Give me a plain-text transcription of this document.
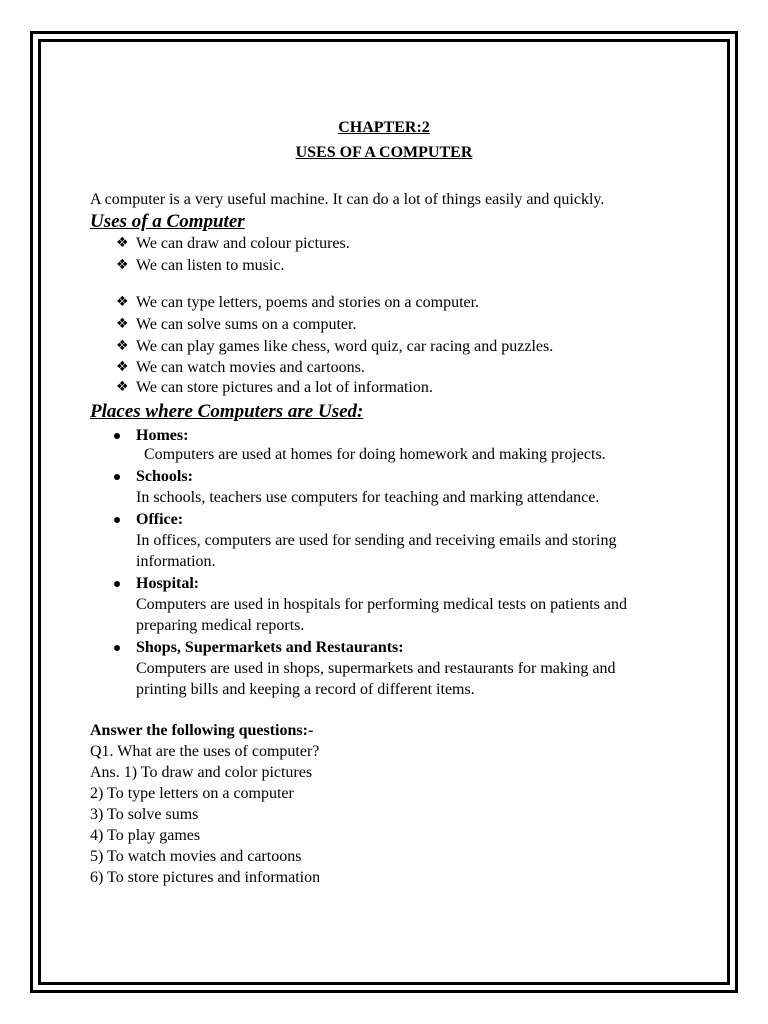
CHAPTER:2
USES OF A COMPUTER
A computer is a very useful machine. It can do a lot of things easily and quickly.
Uses of a Computer
❖ We can draw and colour pictures.
❖ We can listen to music.
❖ We can type letters, poems and stories on a computer.
❖ We can solve sums on a computer.
❖ We can play games like chess, word quiz, car racing and puzzles.
❖ We can watch movies and cartoons.
❖ We can store pictures and a lot of information.
Places where Computers are Used:
Homes:
Computers are used at homes for doing homework and making projects.
Schools:
In schools, teachers use computers for teaching and marking attendance.
Office:
In offices, computers are used for sending and receiving emails and storing
information.
Hospital:
Computers are used in hospitals for performing medical tests on patients and
preparing medical reports.
Shops, Supermarkets and Restaurants:
Computers are used in shops, supermarkets and restaurants for making and
printing bills and keeping a record of different items.
Answer the following questions:-
Q1. What are the uses of computer?
Ans. 1) To draw and color pictures
2) To type letters on a computer
3) To solve sums
4) To play games
5) To watch movies and cartoons
6) To store pictures and information
